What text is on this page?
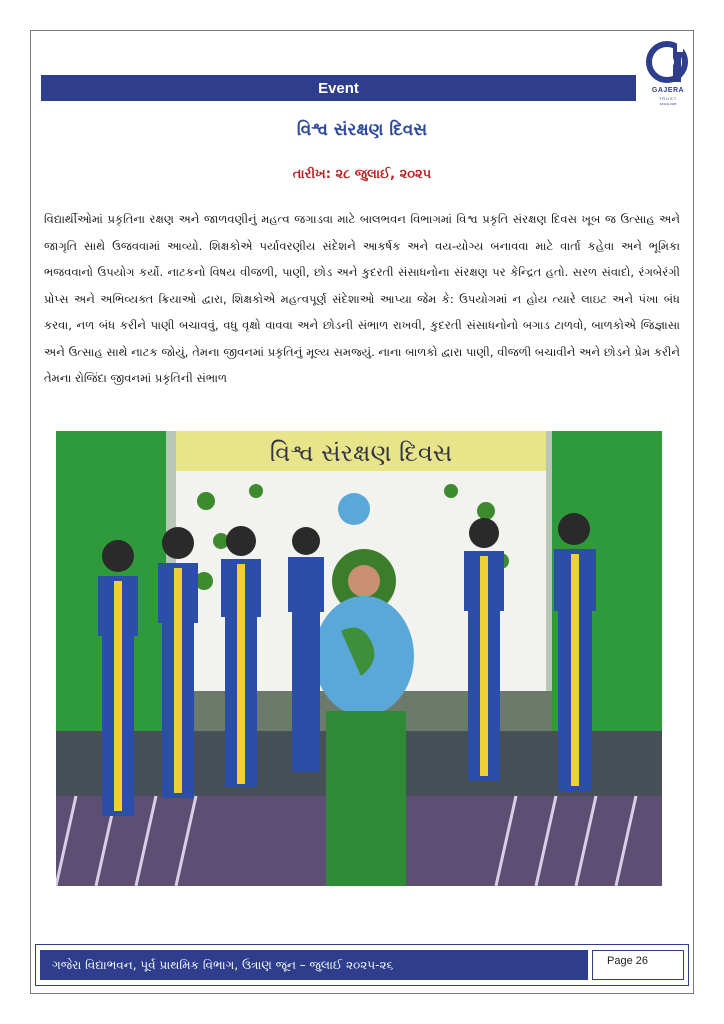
Event	GAJERA
TRUST
SINCE 1995
વિશ્વ સંરક્ષણ દિવસ
તારીખ: ૨૮ જુલાઈ, ૨૦૨૫
વિદ્યાર્થીઓમાં પ્રકૃતિના રક્ષણ અને જાળવણીનું મહત્વ જગાડવા માટે બાલભવન વિભાગમાં વિશ્વ પ્રકૃતિ સંરક્ષણ દિવસ ખૂબ જ ઉત્સાહ અને જાગૃતિ સાથે ઉજવવામાં આવ્યો. શિક્ષકોએ પર્યાવરણીય સંદેશને આકર્ષક અને વય-યોગ્ય બનાવવા માટે વાર્તા કહેવા અને ભૂમિકા ભજવવાનો ઉપયોગ કર્યો. નાટકનો વિષય વીજળી, પાણી, છોડ અને કુદરતી સંસાધનોના સંરક્ષણ પર કેન્દ્રિત હતો. સરળ સંવાદો, રંગબેરંગી પ્રોપ્સ અને અભિવ્યક્ત ક્રિયાઓ દ્વારા, શિક્ષકોએ મહત્વપૂર્ણ સંદેશાઓ આપ્યા જેમ કે: ઉપયોગમાં ન હોય ત્યારે લાઇટ અને પંખા બંધ કરવા, નળ બંધ કરીને પાણી બચાવવું, વધુ વૃક્ષો વાવવા અને છોડની સંભાળ રાખવી, કુદરતી સંસાધનોનો બગાડ ટાળવો, બાળકોએ જિજ્ઞાસા અને ઉત્સાહ સાથે નાટક જોયું, તેમના જીવનમાં પ્રકૃતિનું મૂલ્ય સમજ્યું. નાના બાળકો દ્વારા પાણી, વીજળી બચાવીને અને છોડને પ્રેમ કરીને તેમના રોજિંદા જીવનમાં પ્રકૃતિની સંભાળ
વિશ્વ સંરક્ષણ દિવસ
ગજેરા વિદ્યાભવન, પૂર્વ પ્રાથમિક વિભાગ, ઉત્રાણ જૂન – જુલાઈ ૨૦૨૫-૨૬	Page 26
